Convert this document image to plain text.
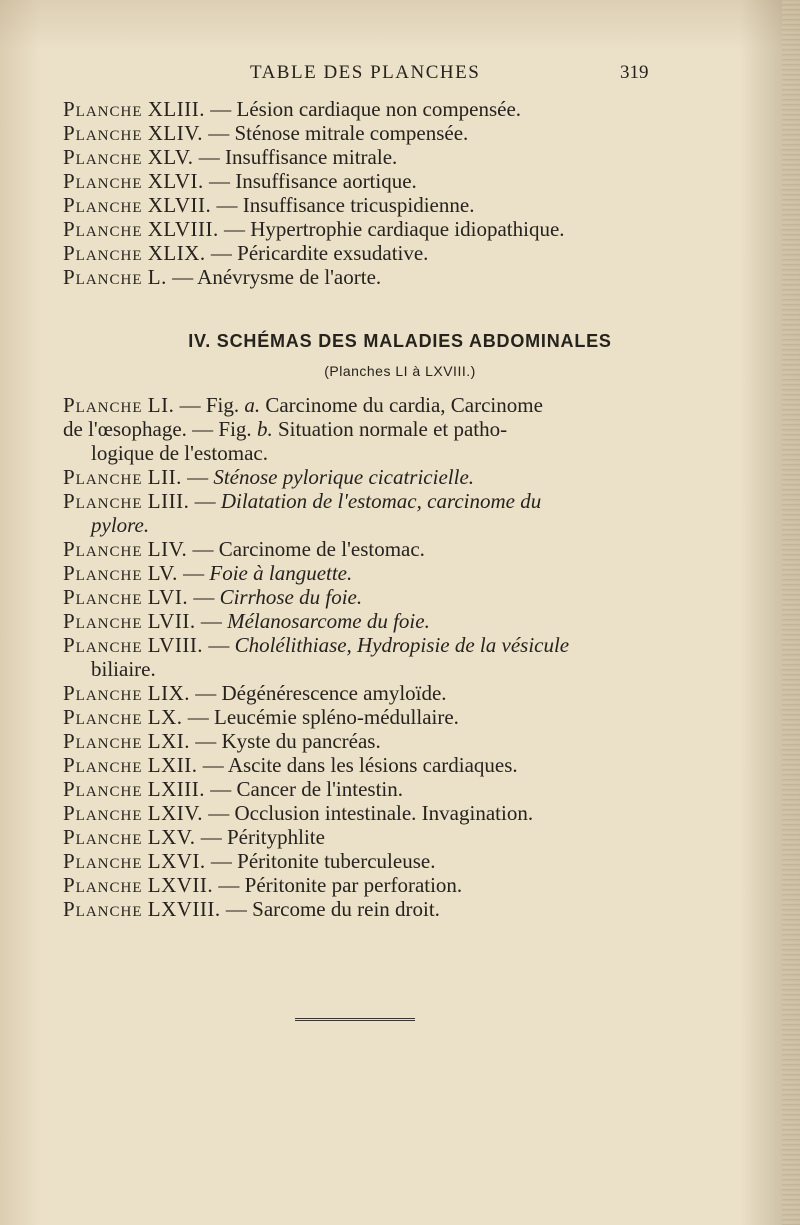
TABLE DES PLANCHES	319
Planche XLIII. — Lésion cardiaque non compensée.
Planche XLIV. — Sténose mitrale compensée.
Planche XLV. — Insuffisance mitrale.
Planche XLVI. — Insuffisance aortique.
Planche XLVII. — Insuffisance tricuspidienne.
Planche XLVIII. — Hypertrophie cardiaque idiopathique.
Planche XLIX. — Péricardite exsudative.
Planche L. — Anévrysme de l'aorte.
IV. SCHÉMAS DES MALADIES ABDOMINALES
(Planches LI à LXVIII.)
Planche LI. — Fig. a. Carcinome du cardia, Carcinome
de l'œsophage. — Fig. b. Situation normale et patho-
logique de l'estomac.
Planche LII. — Sténose pylorique cicatricielle.
Planche LIII. — Dilatation de l'estomac, carcinome du
pylore.
Planche LIV. — Carcinome de l'estomac.
Planche LV. — Foie à languette.
Planche LVI. — Cirrhose du foie.
Planche LVII. — Mélanosarcome du foie.
Planche LVIII. — Cholélithiase, Hydropisie de la vésicule
biliaire.
Planche LIX. — Dégénérescence amyloïde.
Planche LX. — Leucémie spléno-médullaire.
Planche LXI. — Kyste du pancréas.
Planche LXII. — Ascite dans les lésions cardiaques.
Planche LXIII. — Cancer de l'intestin.
Planche LXIV. — Occlusion intestinale. Invagination.
Planche LXV. — Pérityphlite
Planche LXVI. — Péritonite tuberculeuse.
Planche LXVII. — Péritonite par perforation.
Planche LXVIII. — Sarcome du rein droit.
